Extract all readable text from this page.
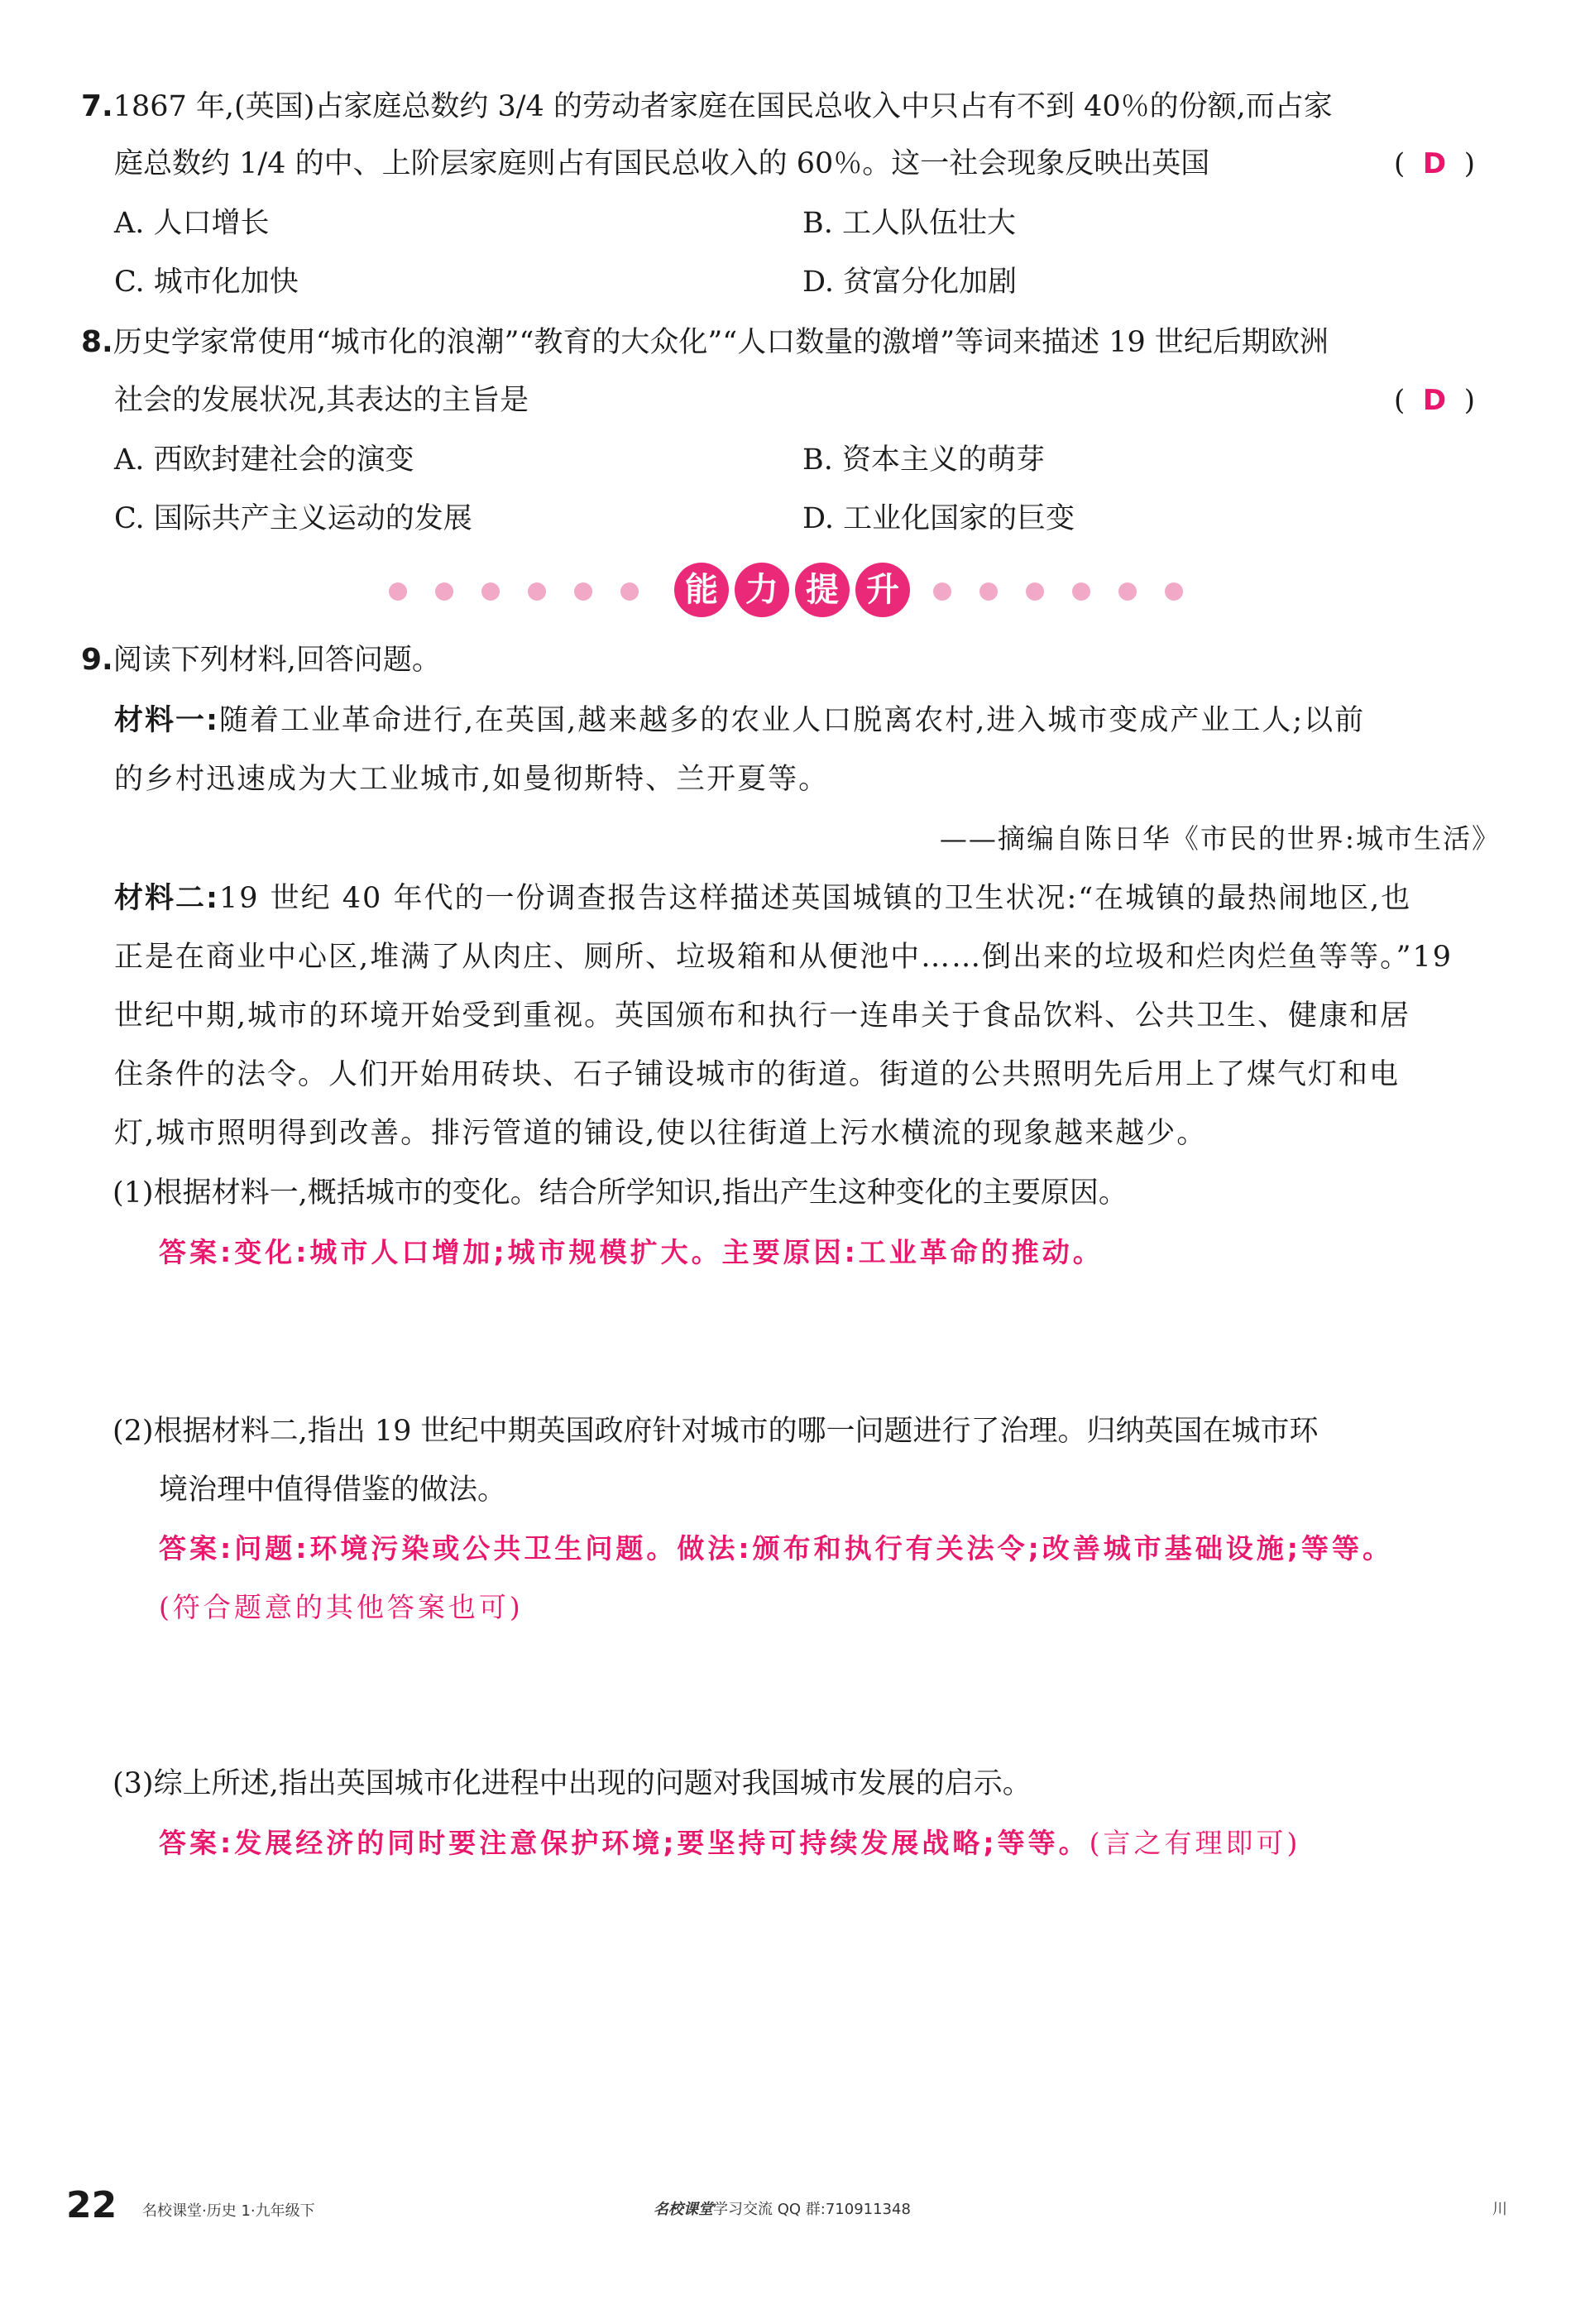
7.1867 年,(英国)占家庭总数约 3/4 的劳动者家庭在国民总收入中只占有不到 40％的份额,而占家
庭总数约 1/4 的中、上阶层家庭则占有国民总收入的 60％。这一社会现象反映出英国	(  D  )
A. 人口增长	B. 工人队伍壮大
C. 城市化加快	D. 贫富分化加剧
8.历史学家常使用“城市化的浪潮”“教育的大众化”“人口数量的激增”等词来描述 19 世纪后期欧洲
社会的发展状况,其表达的主旨是	(  D  )
A. 西欧封建社会的演变	B. 资本主义的萌芽
C. 国际共产主义运动的发展	D. 工业化国家的巨变
能 力 提 升
9.阅读下列材料,回答问题。
材料一:随着工业革命进行,在英国,越来越多的农业人口脱离农村,进入城市变成产业工人;以前
的乡村迅速成为大工业城市,如曼彻斯特、兰开夏等。
——摘编自陈日华《市民的世界:城市生活》
材料二:19 世纪 40 年代的一份调查报告这样描述英国城镇的卫生状况:“在城镇的最热闹地区,也
正是在商业中心区,堆满了从肉庄、厕所、垃圾箱和从便池中……倒出来的垃圾和烂肉烂鱼等等。”19
世纪中期,城市的环境开始受到重视。英国颁布和执行一连串关于食品饮料、公共卫生、健康和居
住条件的法令。人们开始用砖块、石子铺设城市的街道。街道的公共照明先后用上了煤气灯和电
灯,城市照明得到改善。排污管道的铺设,使以往街道上污水横流的现象越来越少。
(1)根据材料一,概括城市的变化。结合所学知识,指出产生这种变化的主要原因。
答案:变化:城市人口增加;城市规模扩大。主要原因:工业革命的推动。
(2)根据材料二,指出 19 世纪中期英国政府针对城市的哪一问题进行了治理。归纳英国在城市环
境治理中值得借鉴的做法。
答案:问题:环境污染或公共卫生问题。做法:颁布和执行有关法令;改善城市基础设施;等等。
(符合题意的其他答案也可)
(3)综上所述,指出英国城市化进程中出现的问题对我国城市发展的启示。
答案:发展经济的同时要注意保护环境;要坚持可持续发展战略;等等。(言之有理即可)
22 名校课堂·历史 1·九年级下	名校课堂学习交流 QQ 群:710911348	川
